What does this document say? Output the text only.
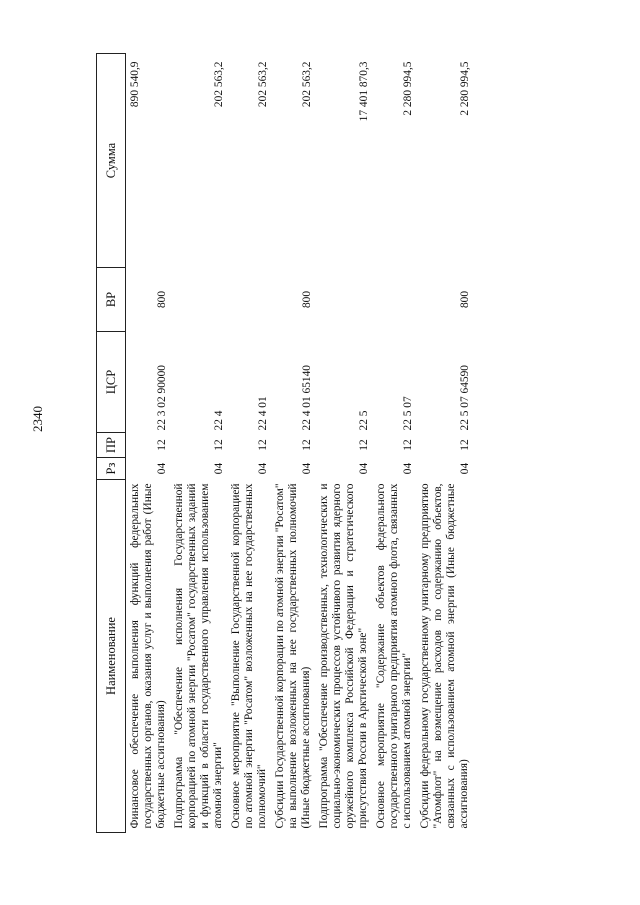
2340
Наименование	Рз	ПР	ЦСР	ВР	Сумма
Финансовое обеспечение выполнения функций федеральных государственных органов, оказания услуг и выполнения работ (Иные бюджетные ассигнования)	04	12	22 3 02 90000	800	890 540,9
Подпрограмма "Обеспечение исполнения Государственной корпорацией по атомной энергии "Росатом" государственных заданий и функций в области государственного управления использованием атомной энергии"	04	12	22 4		202 563,2
Основное мероприятие "Выполнение Государственной корпорацией по атомной энергии "Росатом" возложенных на нее государственных полномочий"	04	12	22 4 01		202 563,2
Субсидии Государственной корпорации по атомной энергии "Росатом" на выполнение возложенных на нее государственных полномочий (Иные бюджетные ассигнования)	04	12	22 4 01 65140	800	202 563,2
Подпрограмма "Обеспечение производственных, технологических и социально-экономических процессов устойчивого развития ядерного оружейного комплекса Российской Федерации и стратегического присутствия России в Арктической зоне"	04	12	22 5		17 401 870,3
Основное мероприятие "Содержание объектов федерального государственного унитарного предприятия атомного флота, связанных с использованием атомной энергии"	04	12	22 5 07		2 280 994,5
Субсидии федеральному государственному унитарному предприятию "Атомфлот" на возмещение расходов по содержанию объектов, связанных с использованием атомной энергии (Иные бюджетные ассигнования)	04	12	22 5 07 64590	800	2 280 994,5
